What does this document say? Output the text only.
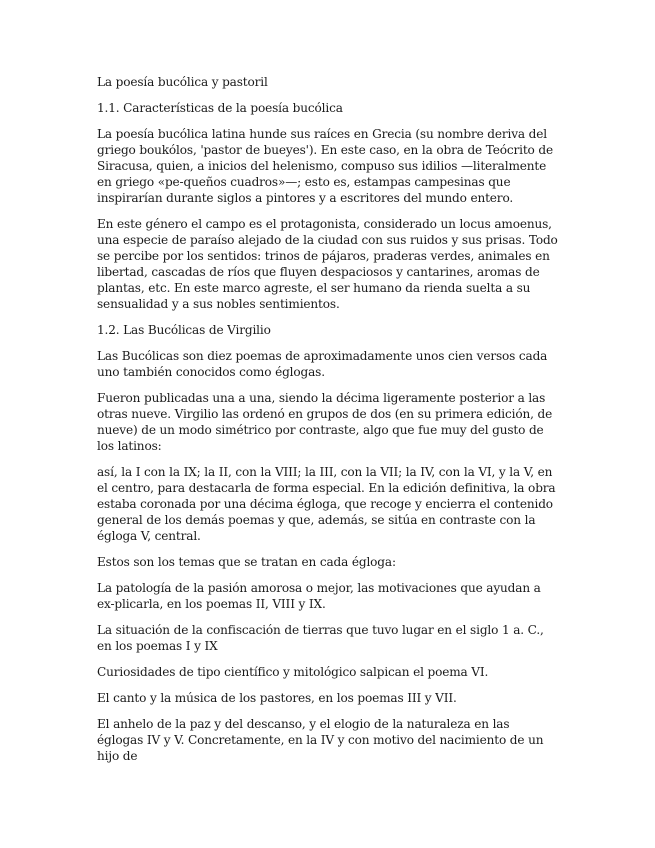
La poesía bucólica y pastoril
1.1. Características de la poesía bucólica

La poesía bucólica latina hunde sus raíces en Grecia (su nombre deriva del griego boukólos, 'pastor de bueyes'). En este caso, en la obra de Teócrito de Siracusa, quien, a inicios del helenismo, compuso sus idilios —literalmente en griego «pe-queños cuadros»—; esto es, estampas campesinas que inspirarían durante siglos a pintores y a escritores del mundo entero.

En este género el campo es el protagonista, considerado un locus amoenus, una especie de paraíso alejado de la ciudad con sus ruidos y sus prisas. Todo se percibe por los sentidos: trinos de pájaros, praderas verdes, animales en libertad, cascadas de ríos que fluyen despaciosos y cantarines, aromas de plantas, etc. En este marco agreste, el ser humano da rienda suelta a su sensualidad y a sus nobles sentimientos.

1.2. Las Bucólicas de Virgilio

Las Bucólicas son diez poemas de aproximadamente unos cien versos cada uno también conocidos como églogas.

Fueron publicadas una a una, siendo la décima ligeramente posterior a las otras nueve. Virgilio las ordenó en grupos de dos (en su primera edición, de nueve) de un modo simétrico por contraste, algo que fue muy del gusto de los latinos:

así, la I con la IX; la II, con la VIII; la III, con la VII; la IV, con la VI, y la V, en el centro, para destacarla de forma especial. En la edición definitiva, la obra estaba coronada por una décima égloga, que recoge y encierra el contenido general de los demás poemas y que, además, se sitúa en contraste con la égloga V, central.

Estos son los temas que se tratan en cada égloga:

La patología de la pasión amorosa o mejor, las motivaciones que ayudan a ex-plicarla, en los poemas II, VIII y IX.

La situación de la confiscación de tierras que tuvo lugar en el siglo 1 a. C., en los poemas I y IX

Curiosidades de tipo científico y mitológico salpican el poema VI.

El canto y la música de los pastores, en los poemas III y VII.

El anhelo de la paz y del descanso, y el elogio de la naturaleza en las églogas IV y V. Concretamente, en la IV y con motivo del nacimiento de un hijo de
